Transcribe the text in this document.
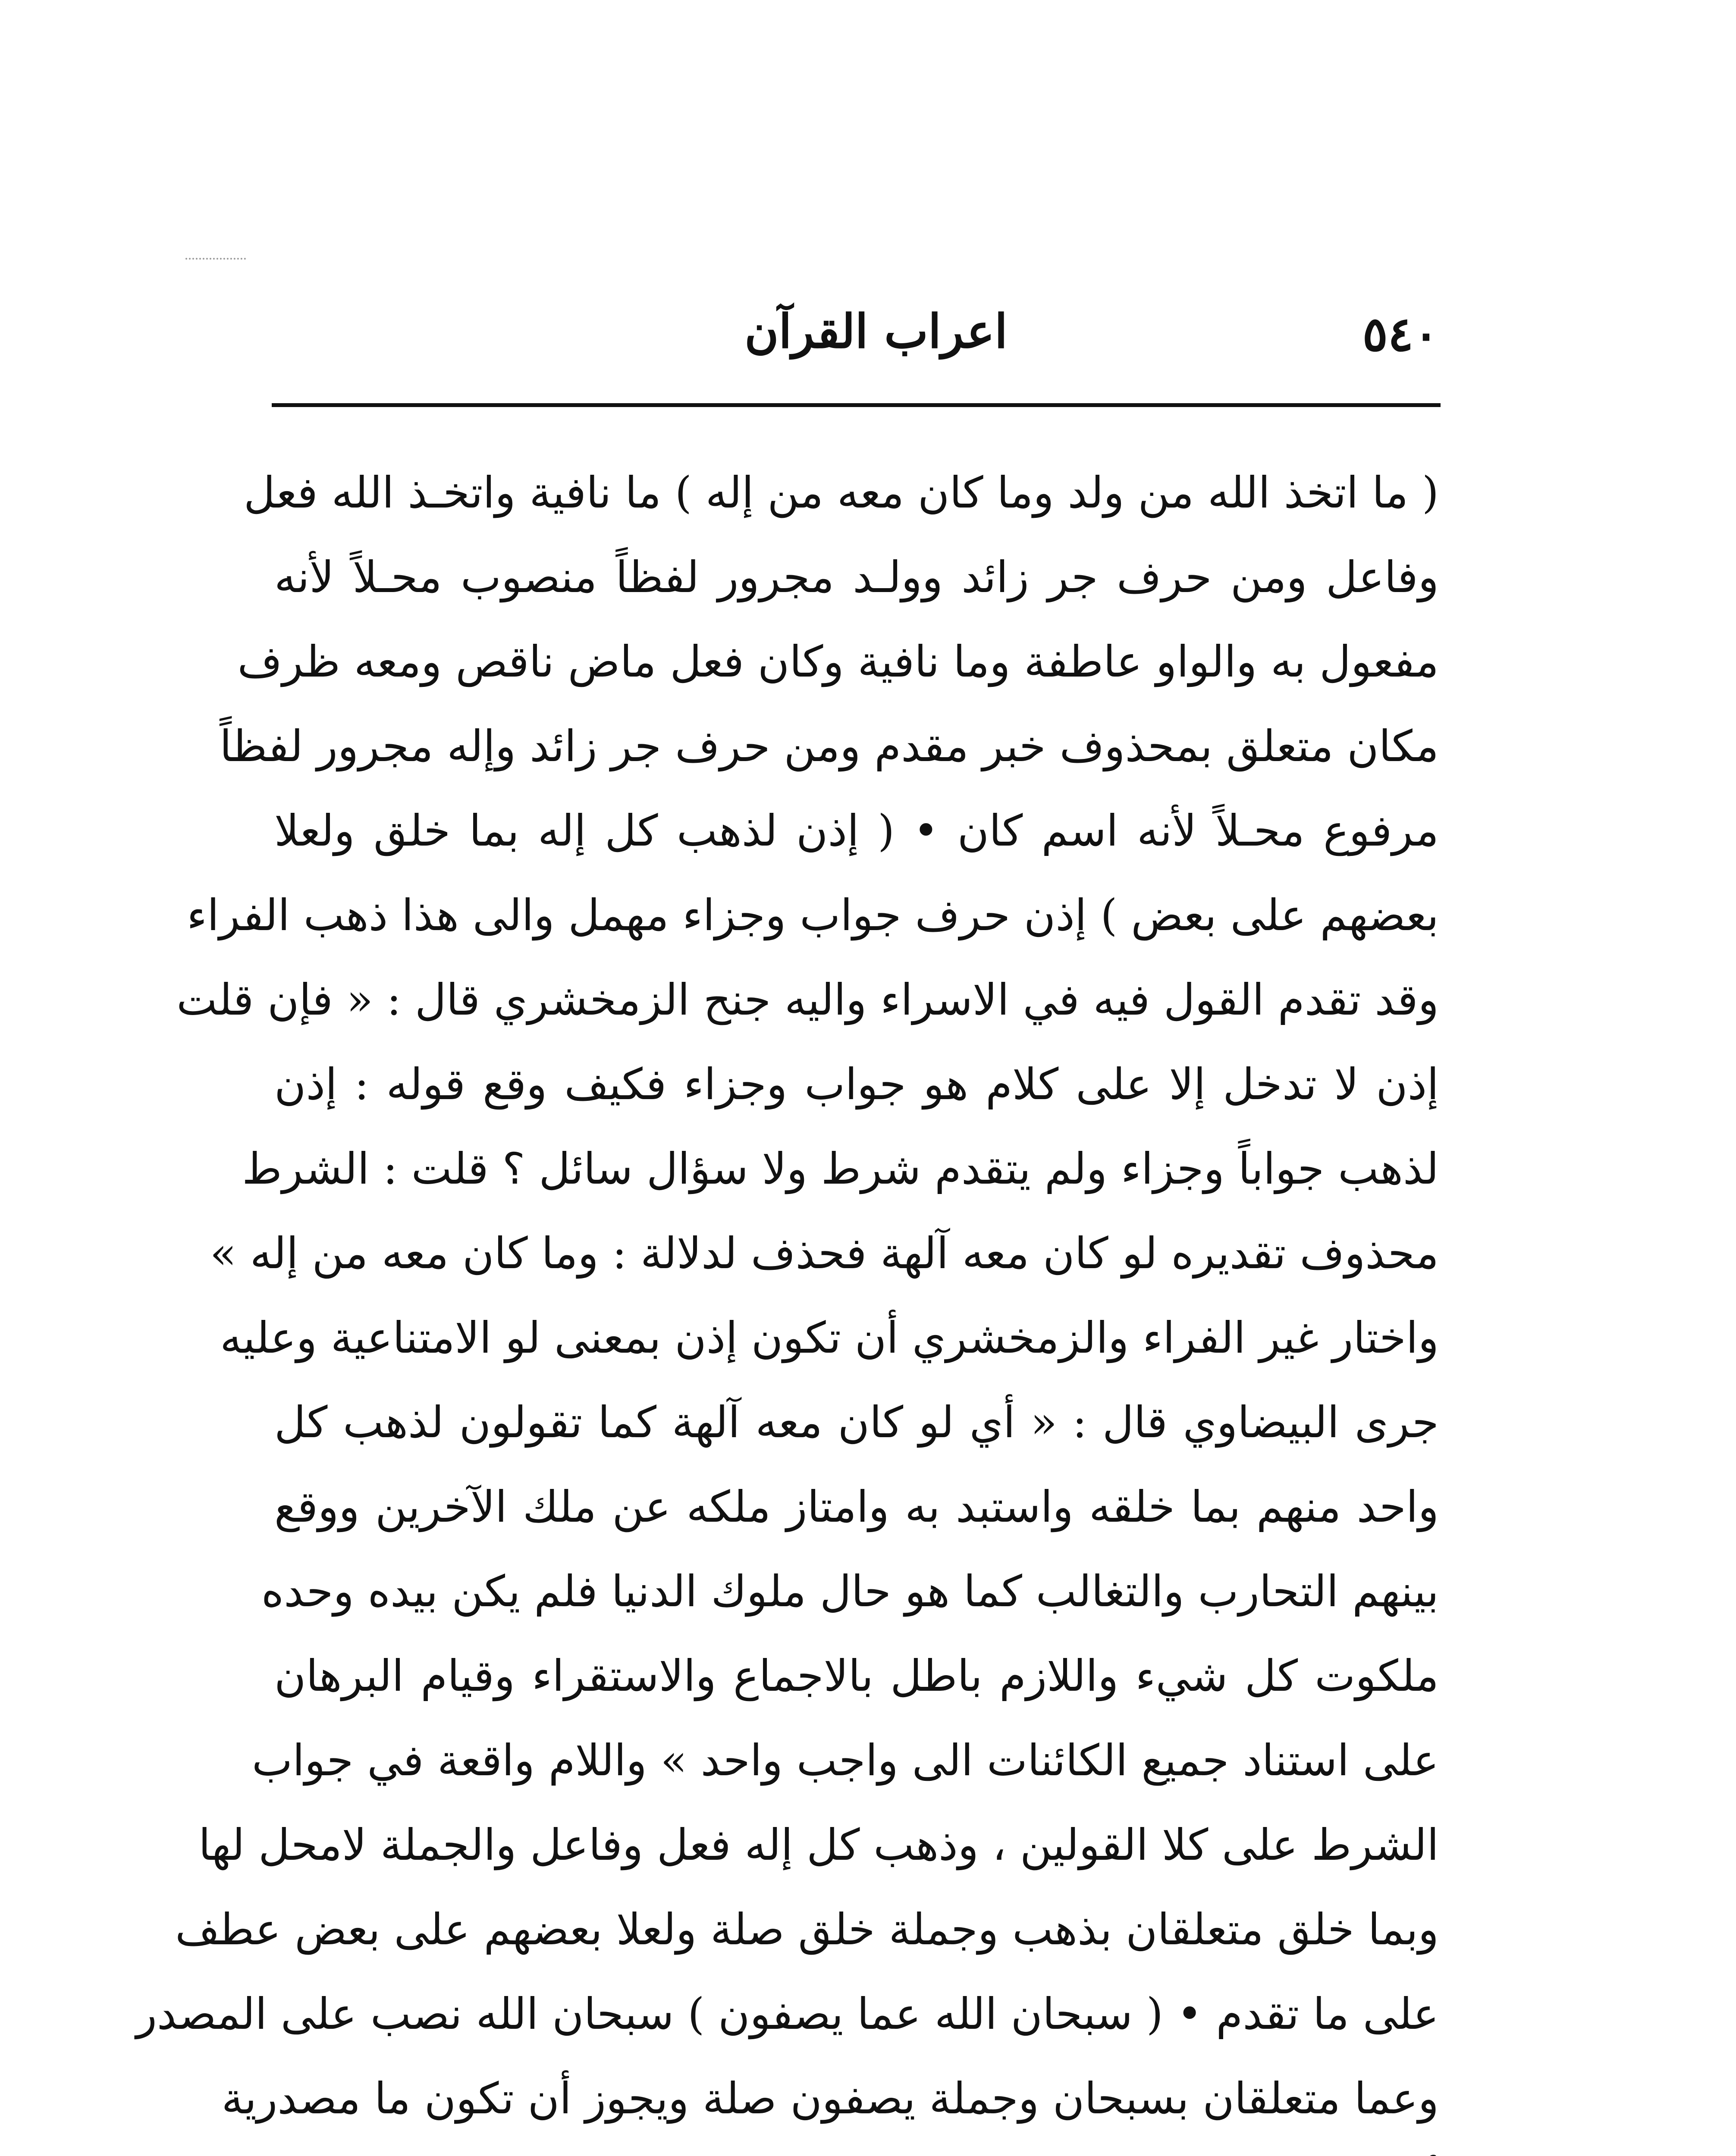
٥٤٠
اعراب القرآن
( ما اتخذ الله من ولد وما كان معه من إله ) ما نافية واتخـذ الله فعل
وفاعل ومن حرف جر زائد وولـد مجرور لفظاً منصوب محـلاً لأنه
مفعول به والواو عاطفة وما نافية وكان فعل ماض ناقص ومعه ظرف
مكان متعلق بمحذوف خبر مقدم ومن حرف جر زائد وإله مجرور لفظاً
مرفوع محـلاً لأنه اسم كان • ( إذن لذهب كل إله بما خلق ولعلا
بعضهم على بعض ) إذن حرف جواب وجزاء مهمل والى هذا ذهب الفراء
وقد تقدم القول فيه في الاسراء واليه جنح الزمخشري قال : « فإن قلت
إذن لا تدخل إلا على كلام هو جواب وجزاء فكيف وقع قوله : إذن
لذهب جواباً وجزاء ولم يتقدم شرط ولا سؤال سائل ؟ قلت : الشرط
محذوف تقديره لو كان معه آلهة فحذف لدلالة : وما كان معه من إله »
واختار غير الفراء والزمخشري أن تكون إذن بمعنى لو الامتناعية وعليه
جرى البيضاوي قال : « أي لو كان معه آلهة كما تقولون لذهب كل
واحد منهم بما خلقه واستبد به وامتاز ملكه عن ملك الآخرين ووقع
بينهم التحارب والتغالب كما هو حال ملوك الدنيا فلم يكن بيده وحده
ملكوت كل شيء واللازم باطل بالاجماع والاستقراء وقيام البرهان
على استناد جميع الكائنات الى واجب واحد » واللام واقعة في جواب
الشرط على كلا القولين ، وذهب كل إله فعل وفاعل والجملة لامحل لها
وبما خلق متعلقان بذهب وجملة خلق صلة ولعلا بعضهم على بعض عطف
على ما تقدم • ( سبحان الله عما يصفون ) سبحان الله نصب على المصدر
وعما متعلقان بسبحان وجملة يصفون صلة ويجوز أن تكون ما مصدرية
